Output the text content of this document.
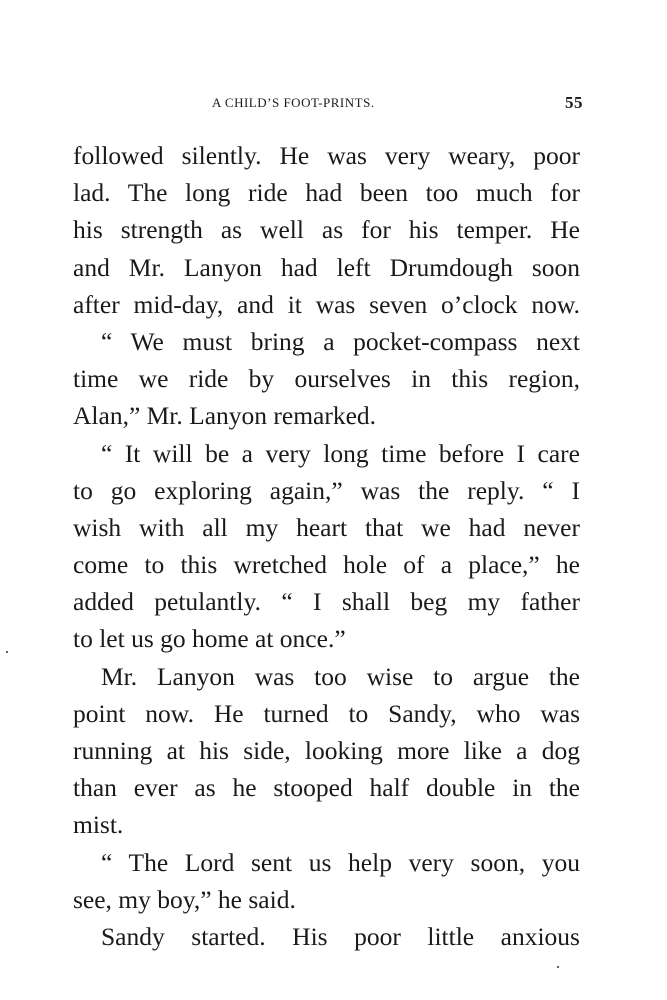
A CHILD’S FOOT-PRINTS.	55
followed silently. He was very weary, poor
lad. The long ride had been too much for
his strength as well as for his temper. He
and Mr. Lanyon had left Drumdough soon
after mid-day, and it was seven o’clock now.
“ We must bring a pocket-compass next
time we ride by ourselves in this region,
Alan,” Mr. Lanyon remarked.
“ It will be a very long time before I care
to go exploring again,” was the reply. “ I
wish with all my heart that we had never
come to this wretched hole of a place,” he
added petulantly. “ I shall beg my father
to let us go home at once.”
Mr. Lanyon was too wise to argue the
point now. He turned to Sandy, who was
running at his side, looking more like a dog
than ever as he stooped half double in the
mist.
“ The Lord sent us help very soon, you
see, my boy,” he said.
Sandy started. His poor little anxious
